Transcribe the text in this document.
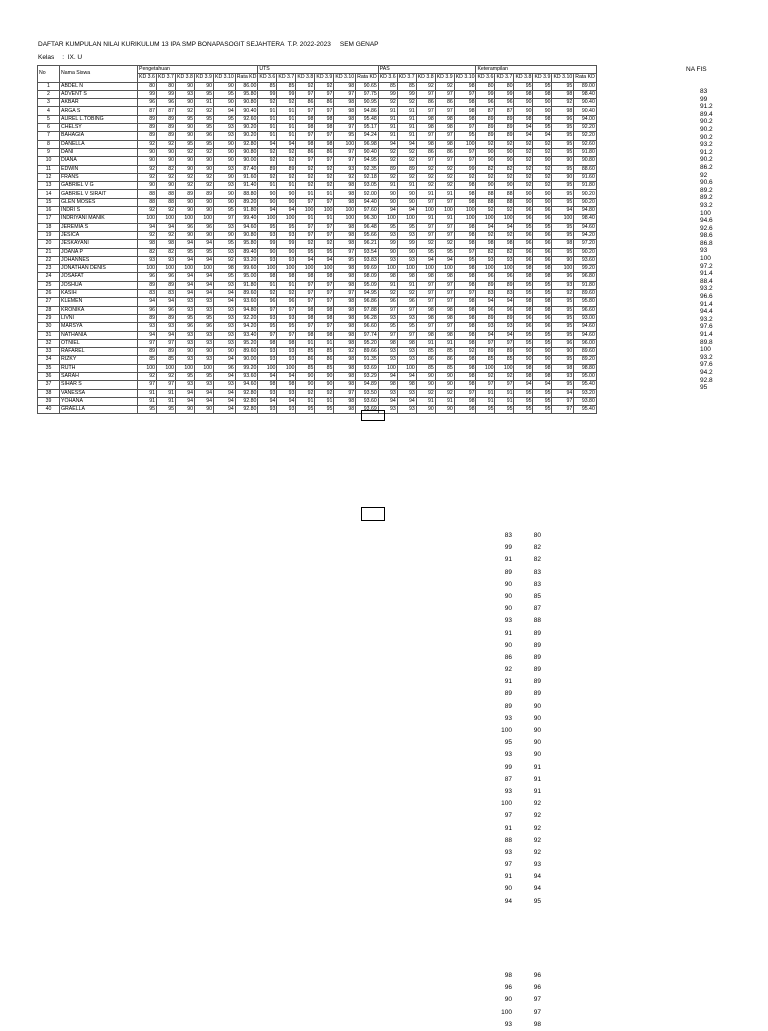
DAFTAR KUMPULAN NILAI KURIKULUM 13 IPA SMP BONAPASOGIT SEJAHTERA  T.P. 2022-2023     SEM GENAP
Kelas :  IX. U
NA FIS
No	Nama Siswa	Pengetahuan						UTS						PAS					Keterampilan					
		KD 3.6	KD 3.7	KD 3.8	KD 3.9	KD 3.10	Rata KD	KD 3.6	KD 3.7	KD 3.8	KD 3.9	KD 3.10	Rata KD	KD 3.6	KD 3.7	KD 3.8	KD 3.9	KD 3.10	KD 3.6	KD 3.7	KD 3.8	KD 3.9	KD 3.10	Rata KD
1	ABDEL N	80	80	90	90	90	86.00	85	85	92	92	98	90.65	85	85	92	92	98	80	80	95	95	95	89.00
2	ADVENT S	99	99	93	95	95	95.80	99	99	97	97	97	97.75	99	99	97	97	97	99	99	98	98	98	98.40
3	AKBAR	96	96	90	91	90	90.80	92	92	86	86	98	90.95	92	92	86	86	98	96	96	90	90	92	90.40
4	ARGA S	87	87	92	92	94	90.40	91	91	97	97	98	94.86	91	91	97	97	98	87	87	90	90	98	90.40
5	AUREL L.TOBING	89	89	95	95	95	92.60	91	91	98	98	98	95.48	91	91	98	98	98	89	89	98	98	96	94.00
6	CHELSY	89	89	90	95	93	90.20	91	91	98	98	97	95.17	91	91	98	98	97	89	89	94	95	95	92.20
7	BAHAGIA	89	89	90	96	93	90.20	91	91	97	97	95	94.24	91	91	97	97	95	89	89	94	94	95	92.20
8	DANELLA	92	92	95	95	90	92.80	94	94	98	98	100	96.98	94	94	98	98	100	92	92	92	92	95	92.60
9	DANI	90	90	92	92	90	90.80	92	92	86	86	97	90.40	92	92	86	86	97	90	90	92	92	95	91.80
10	DIANA	90	90	90	90	90	90.00	92	92	97	97	97	94.95	92	92	97	97	97	90	90	92	90	90	90.80
11	EDWIN	92	82	90	90	93	87.40	89	89	92	92	93	92.35	89	89	92	92	99	82	82	92	92	95	88.60
12	FRANS	92	92	92	92	90	91.60	92	92	92	92	92	92.18	92	92	92	92	92	92	92	92	92	90	91.60
13	GABRIEL V G	90	90	92	92	93	91.40	91	91	92	92	98	93.05	91	91	92	92	98	90	90	92	92	95	91.80
14	GABRIEL V SIRAIT	88	88	89	89	90	88.80	90	90	91	91	98	92.00	90	90	91	91	98	88	88	90	90	95	90.20
15	GLEN MOSES	88	88	90	90	90	89.20	90	90	97	97	98	94.40	90	90	97	97	98	88	88	90	90	95	90.20
16	INDRI S	92	92	90	90	95	91.80	94	94	100	100	100	97.60	94	94	100	100	100	92	92	96	96	94	94.80
17	INDRIYANI MANIK	100	100	100	100	97	99.40	100	100	91	91	100	96.30	100	100	91	91	100	100	100	96	96	100	98.40
18	JEREMIA S	94	94	96	96	93	94.60	95	95	97	97	98	96.48	95	95	97	97	98	94	94	95	95	95	94.60
19	JESICA	92	92	90	90	90	90.80	93	93	97	97	98	95.66	93	93	97	97	98	92	92	96	96	95	94.20
20	JESKAYANI	98	98	94	94	95	95.80	99	99	92	92	98	96.21	99	99	92	92	98	98	98	96	96	98	97.20
21	JOANA P	82	82	95	95	93	89.40	90	90	95	95	97	93.54	90	90	95	95	97	82	82	96	96	95	90.20
22	JOHANNES	93	93	94	94	92	93.20	93	93	94	94	95	93.83	93	93	94	94	95	93	93	96	96	90	93.60
23	JONATHAN DENIS	100	100	100	100	98	99.60	100	100	100	100	98	99.69	100	100	100	100	98	100	100	98	98	100	99.20
24	JOSAFAT	96	96	94	94	95	95.00	98	98	98	98	98	98.09	98	98	98	98	98	96	96	98	98	96	96.80
25	JOSHUA	89	89	94	94	93	91.80	91	91	97	97	98	95.09	91	91	97	97	98	89	89	95	95	93	91.80
26	KASIH	83	83	94	94	94	89.60	92	92	97	97	97	94.95	92	92	97	97	97	83	83	95	95	92	89.60
27	KLEMEN	94	94	93	93	94	93.60	96	96	97	97	98	96.86	96	96	97	97	98	94	94	98	98	95	95.80
28	KRONIKA	96	96	93	93	93	94.80	97	97	98	98	98	97.88	97	97	98	98	98	96	96	98	98	95	96.60
29	LIVNI	89	89	95	95	93	92.20	93	93	98	98	98	96.28	93	93	98	98	98	89	89	96	96	95	93.00
30	MARSYA	93	93	96	96	93	94.20	95	95	97	97	98	96.60	95	95	97	97	98	93	93	96	96	95	94.60
31	NATHANIA	94	94	93	93	93	93.40	97	97	98	98	98	97.74	97	97	98	98	98	94	94	95	95	95	94.60
32	OTNIEL	97	97	93	93	93	95.20	98	98	91	91	98	95.20	98	98	91	91	98	97	97	95	95	96	96.00
33	RAFAREL	89	89	90	90	90	89.60	93	93	85	85	92	89.66	93	93	85	85	92	89	89	90	90	90	89.60
34	RIZKY	85	85	93	93	94	90.00	93	93	86	86	98	91.35	93	93	86	86	98	85	85	90	90	95	89.20
35	RUTH	100	100	100	100	96	99.20	100	100	85	85	98	93.69	100	100	85	85	98	100	100	98	98	98	98.80
36	SARAH	92	92	95	95	94	93.60	94	94	90	90	98	93.29	94	94	90	90	98	92	92	98	98	93	95.00
37	SIHAR S	97	97	93	93	93	94.60	98	98	90	90	98	94.89	98	98	90	90	98	97	97	94	94	95	95.40
38	VANESSA	91	91	94	94	94	92.80	93	93	92	92	97	93.50	93	93	92	92	97	91	91	95	95	94	93.20
39	YOHANA	91	91	94	94	94	92.80	94	94	91	91	98	93.60	94	94	91	91	98	91	91	95	95	97	93.80
40	GRAELLA	95	95	90	90	94	92.80	93	93	95	95	98	93.69	93	93	90	90	98	95	95	95	95	97	95.40
83
99
91.2
89.4
90.2
90.2
90.2
93.2
91.2
90.2
86.2
92
90.6
89.2
89.2
93.2
100
94.6
92.6
98.6
86.8
93
100
97.2
91.4
88.4
93.2
96.6
91.4
94.4
93.2
97.6
91.4
89.8
100
93.2
97.6
94.2
92.8
95
83	80
99	82
91	82
89	83
90	83
90	85
90	87
93	88
91	89
90	89
86	89
92	89
91	89
89	89
89	90
93	90
100	90
95	90
93	90
99	91
87	91
93	91
100	92
97	92
91	92
88	92
93	92
97	93
91	94
90	94
94	95
98	96
96	96
90	97
100	97
93	98
